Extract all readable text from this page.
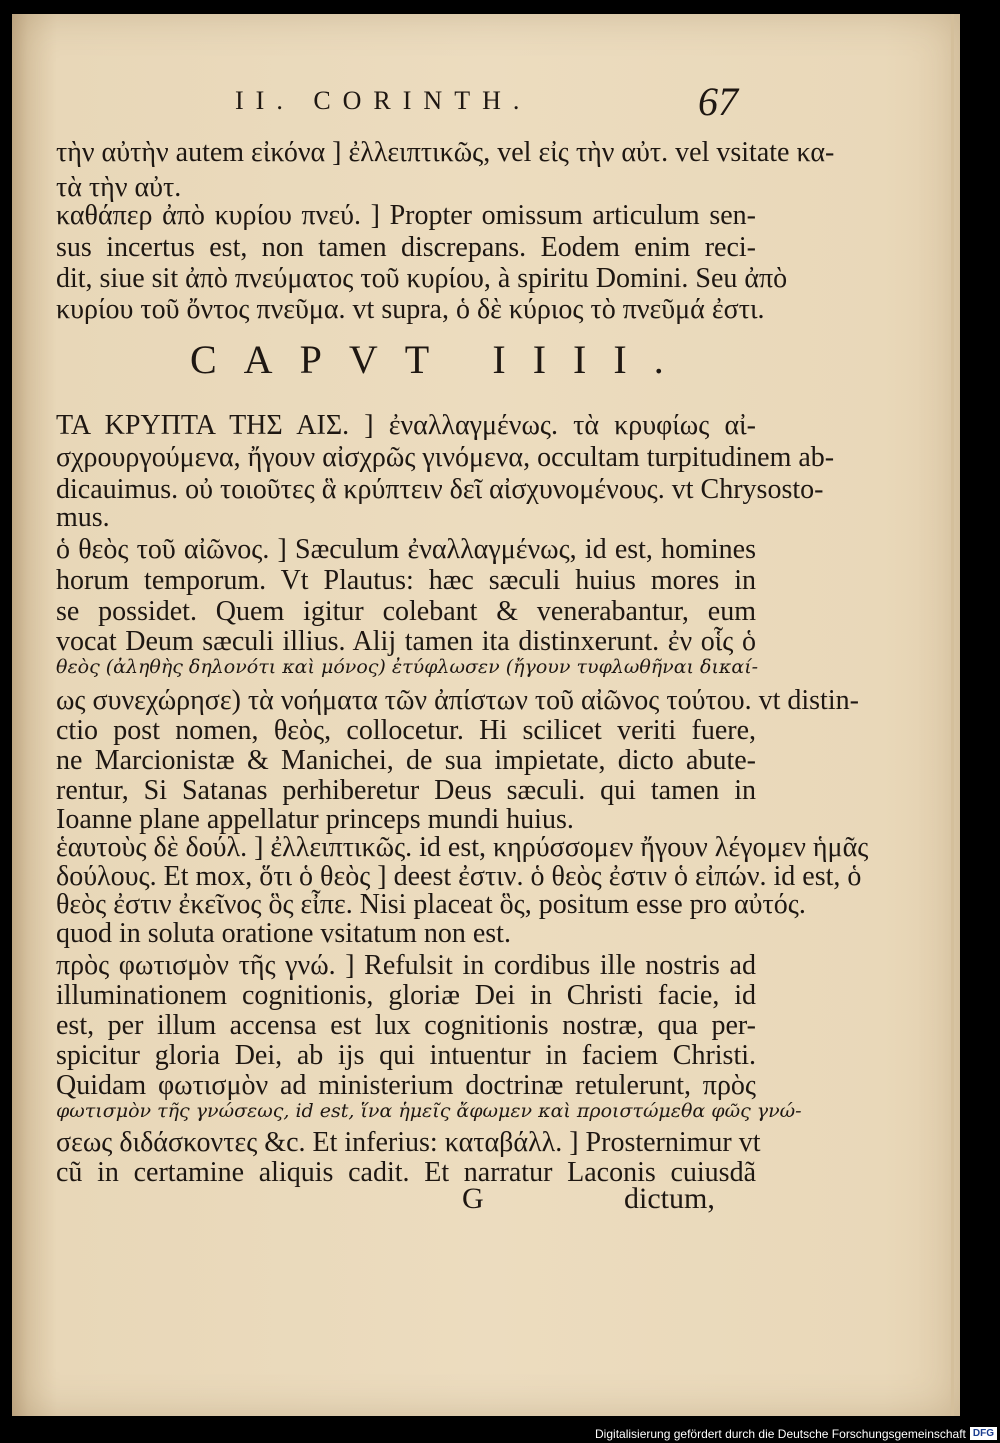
II. CORINTH.	67
τὴν αὐτὴν autem εἰκόνα ] ἐλλειπτικῶς, vel εἰς τὴν αὐτ. vel vsitate κα-
τὰ τὴν αὐτ.
καθάπερ ἀπὸ κυρίου πνεύ. ] Propter omissum articulum sen-
sus incertus est, non tamen discrepans. Eodem enim reci-
dit, siue sit ἀπὸ πνεύματος τοῦ κυρίου, à spiritu Domini. Seu ἀπὸ
κυρίου τοῦ ὄντος πνεῦμα. vt supra, ὁ δὲ κύριος τὸ πνεῦμά ἐστι.
CAPVT IIII.
ΤΑ ΚΡΥΠΤΑ ΤΗΣ ΑΙΣ. ] ἐναλλαγμένως. τὰ κρυφίως αἰ-
σχρουργούμενα, ἤγουν αἰσχρῶς γινόμενα, occultam turpitudinem ab-
dicauimus. οὐ τοιοῦτες ἃ κρύπτειν δεῖ αἰσχυνομένους. vt Chrysosto-
mus.
ὁ θεὸς τοῦ αἰῶνος. ] Sæculum ἐναλλαγμένως, id est, homines
horum temporum. Vt Plautus: hæc sæculi huius mores in
se possidet. Quem igitur colebant & venerabantur, eum
vocat Deum sæculi illius. Alij tamen ita distinxerunt. ἐν οἷς ὁ
θεὸς (ἀληθὴς δηλονότι καὶ μόνος) ἐτύφλωσεν (ἤγουν τυφλωθῆναι δικαί-
ως συνεχώρησε) τὰ νοήματα τῶν ἀπίστων τοῦ αἰῶνος τούτου. vt distin-
ctio post nomen, θεὸς, collocetur. Hi scilicet veriti fuere,
ne Marcionistæ & Manichei, de sua impietate, dicto abute-
rentur, Si Satanas perhiberetur Deus sæculi. qui tamen in
Ioanne plane appellatur princeps mundi huius.
ἑαυτοὺς δὲ δούλ. ] ἐλλειπτικῶς. id est, κηρύσσομεν ἤγουν λέγομεν ἡμᾶς
δούλους. Et mox, ὅτι ὁ θεὸς ] deest ἐστιν. ὁ θεὸς ἐστιν ὁ εἰπών. id est, ὁ
θεὸς ἐστιν ἐκεῖνος ὃς εἶπε. Nisi placeat ὃς, positum esse pro αὐτός.
quod in soluta oratione vsitatum non est.
πρὸς φωτισμὸν τῆς γνώ. ] Refulsit in cordibus ille nostris ad
illuminationem cognitionis, gloriæ Dei in Christi facie, id
est, per illum accensa est lux cognitionis nostræ, qua per-
spicitur gloria Dei, ab ijs qui intuentur in faciem Christi.
Quidam φωτισμὸν ad ministerium doctrinæ retulerunt, πρὸς
φωτισμὸν τῆς γνώσεως, id est, ἵνα ἡμεῖς ἄφωμεν καὶ προιστώμεθα φῶς γνώ-
σεως διδάσκοντες &c. Et inferius: καταβάλλ. ] Prosternimur vt
cũ in certamine aliquis cadit. Et narratur Laconis cuiusdã
G	dictum,
Digitalisierung gefördert durch die Deutsche Forschungsgemeinschaft DFG
